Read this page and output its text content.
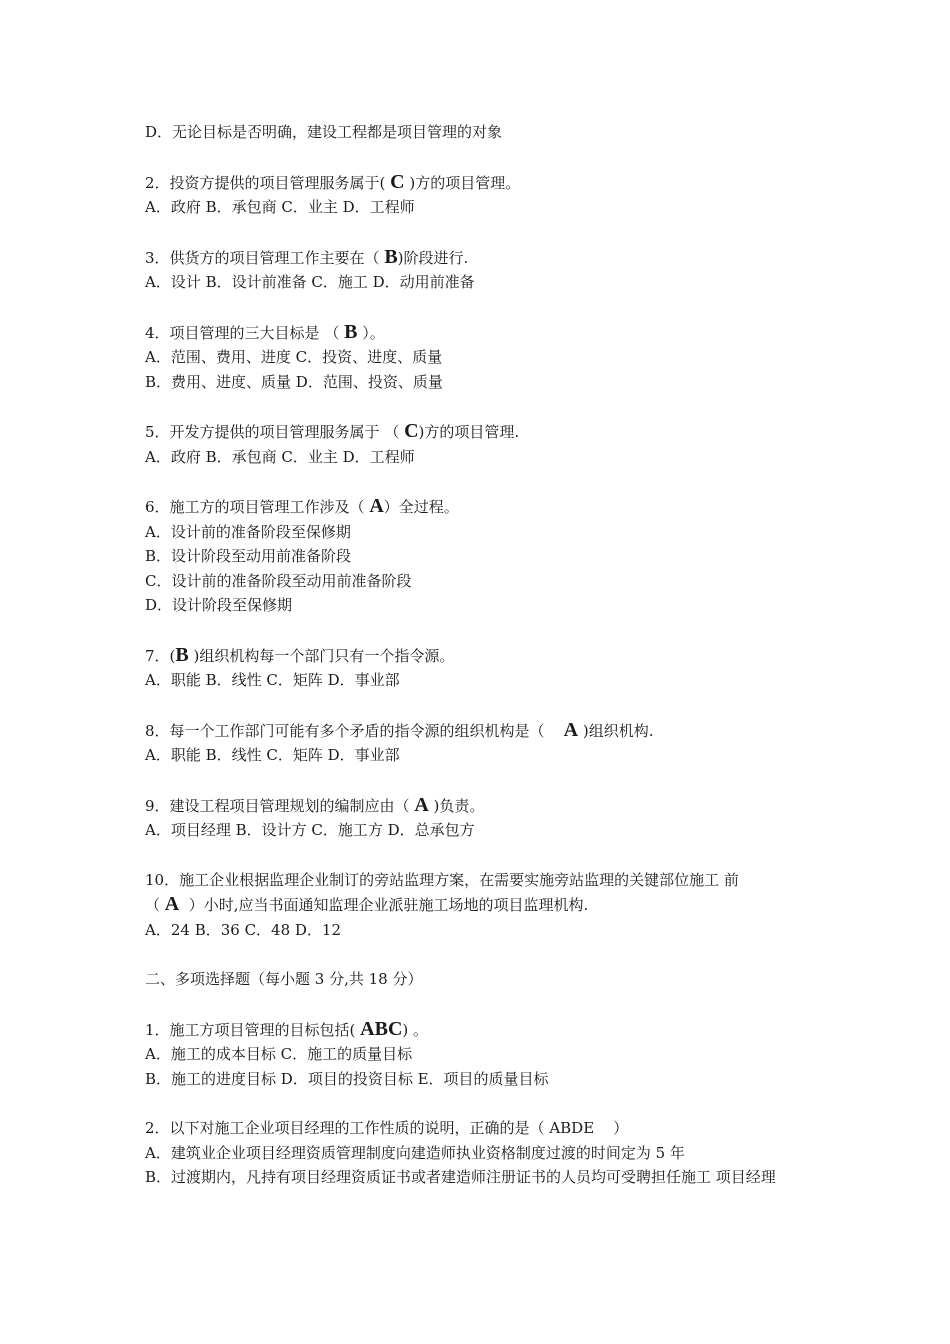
D．无论目标是否明确，建设工程都是项目管理的对象
2．投资方提供的项目管理服务属于( C )方的项目管理。
A．政府 B．承包商 C．业主 D．工程师
3．供货方的项目管理工作主要在（ B)阶段进行.
A．设计 B．设计前准备 C．施工 D．动用前准备
4．项目管理的三大目标是 （ B ）。
A．范围、费用、进度 C．投资、进度、质量
B．费用、进度、质量 D．范围、投资、质量
5．开发方提供的项目管理服务属于 （ C)方的项目管理.
A．政府 B．承包商 C．业主 D．工程师
6．施工方的项目管理工作涉及（ A）全过程。
A．设计前的准备阶段至保修期
B．设计阶段至动用前准备阶段
C．设计前的准备阶段至动用前准备阶段
D．设计阶段至保修期
7．(B )组织机构每一个部门只有一个指令源。
A．职能 B．线性 C．矩阵 D．事业部
8．每一个工作部门可能有多个矛盾的指令源的组织机构是（    A )组织机构.
A．职能 B．线性 C．矩阵 D．事业部
9．建设工程项目管理规划的编制应由（ A )负责。
A．项目经理 B．设计方 C．施工方 D．总承包方
10．施工企业根据监理企业制订的旁站监理方案，在需要实施旁站监理的关键部位施工 前
（ A  ）小时,应当书面通知监理企业派驻施工场地的项目监理机构.
A．24 B．36 C．48 D．12
二、多项选择题（每小题 3 分,共 18 分）
1．施工方项目管理的目标包括( ABC) 。
A．施工的成本目标 C．施工的质量目标
B．施工的进度目标 D．项目的投资目标 E．项目的质量目标
2．以下对施工企业项目经理的工作性质的说明，正确的是（ ABDE    ）
A．建筑业企业项目经理资质管理制度向建造师执业资格制度过渡的时间定为 5 年
B．过渡期内，凡持有项目经理资质证书或者建造师注册证书的人员均可受聘担任施工 项目经理
